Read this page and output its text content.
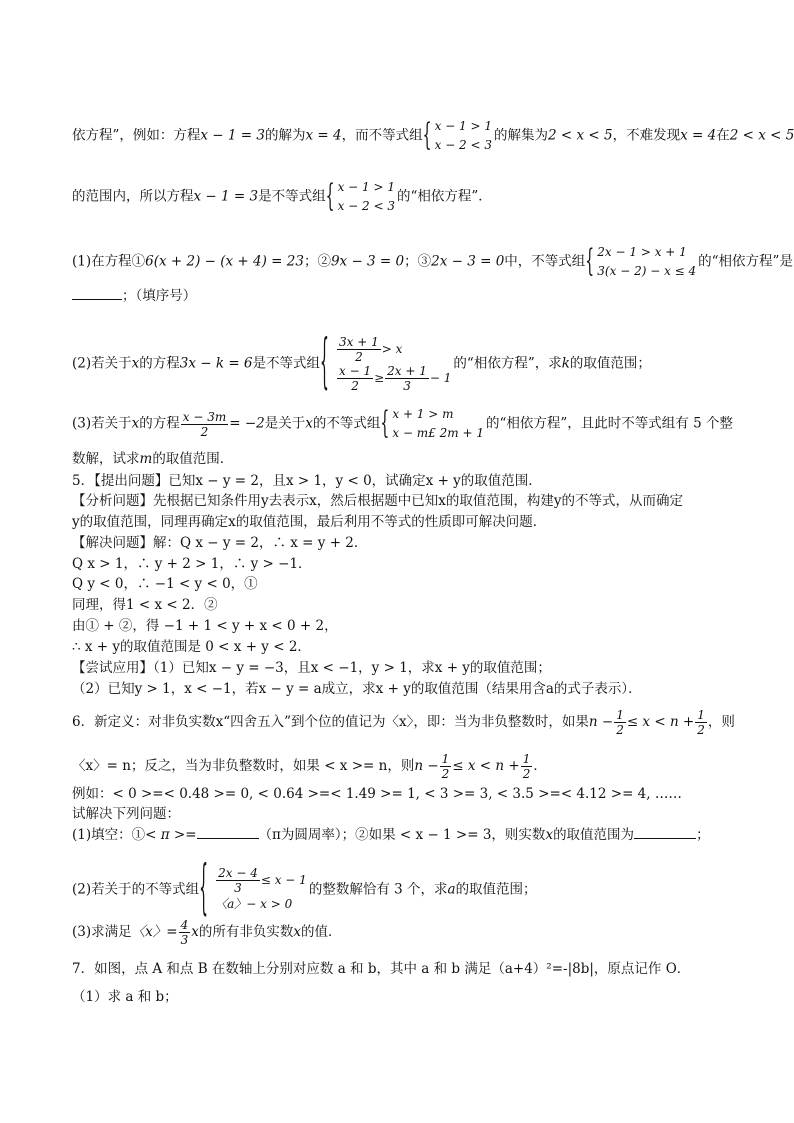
依方程”，例如：方程x − 1 = 3的解为x = 4，而不等式组
{ x − 1 > 1
x − 2 < 3
的解集为2 < x < 5，不难发现x = 4在2 < x < 5
的范围内，所以方程x − 1 = 3是不等式组
{ x − 1 > 1
x − 2 < 3
的“相依方程”．
(1)在方程①6(x + 2) − (x + 4) = 23；②9x − 3 = 0；③2x − 3 = 0中，不等式组
{ 2x − 1 > x + 1
3(x − 2) − x ≤ 4
的“相依方程”是
；（填序号）
(2)若关于x的方程3x − k = 6是不等式组 { $\frac{3x + 1}{2} > x$
$\frac{x - 1}{2} \ge \frac{2x + 1}{3} - 1$
的“相依方程”，求k的取值范围；
(3)若关于x的方程 $\frac{x - 3m}{2} = -2$是关于x的不等式组
{ x + 1 > m
x − m£ 2m + 1
的“相依方程”，且此时不等式组有 5 个整
数解，试求m的取值范围．
5．【提出问题】已知x − y = 2，且x > 1，y < 0，试确定x + y的取值范围．
【分析问题】先根据已知条件用y去表示x，然后根据题中已知x的取值范围，构建y的不等式，从而确定
y的取值范围，同理再确定x的取值范围，最后利用不等式的性质即可解决问题．
【解决问题】解：Q x − y = 2，∴ x = y + 2．
Q x > 1，∴ y + 2 > 1，∴ y > −1．
Q y < 0，∴ −1 < y < 0，①
同理，得1 < x < 2．②
由① + ②，得 −1 + 1 < y + x < 0 + 2，
∴ x + y的取值范围是 0 < x + y < 2．
【尝试应用】（1）已知x − y = −3，且x < −1，y > 1，求x + y的取值范围；
（2）已知y > 1，x < −1，若x − y = a成立，求x + y的取值范围（结果用含a的式子表示）．
6．新定义：对非负实数x“四舍五入”到个位的值记为〈x〉，即：当为非负整数时，如果$n - \frac{1}{2} \le x < n + \frac{1}{2}$ ，则
〈x〉= n；反之，当为非负整数时，如果 < x >= n，则$n - \frac{1}{2} \le x < n + \frac{1}{2}$ ．
例如：< 0 >=< 0.48 >= 0, < 0.64 >=< 1.49 >= 1, < 3 >= 3, < 3.5 >=< 4.12 >= 4, ……
试解决下列问题：
(1)填空：①< π >=	（π为圆周率）；②如果 < x − 1 >= 3，则实数x的取值范围为	；
(2)若关于的不等式组 { $\frac{2x - 4}{3} \le x - 1$
〈a〉− x > 0
的整数解恰有 3 个，求a的取值范围；
(3)求满足〈x〉= $\frac{4}{3}$ x的所有非负实数x的值．
7．如图，点 A 和点 B 在数轴上分别对应数 a 和 b，其中 a 和 b 满足（a+4）²=-|8b|，原点记作 O．
（1）求 a 和 b；
